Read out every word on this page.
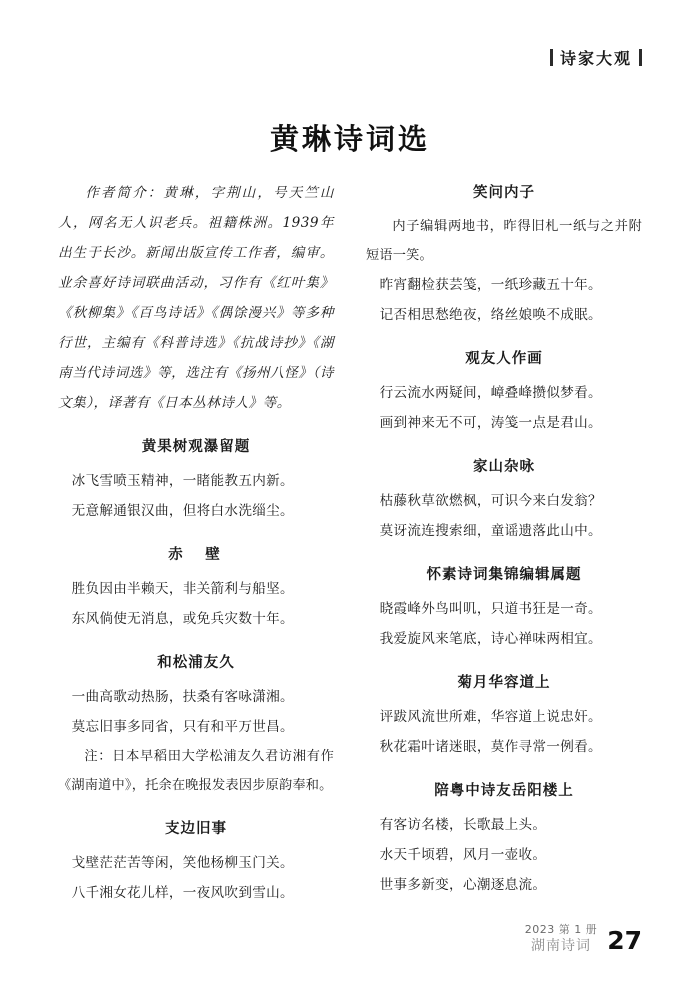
诗家大观
黄琳诗词选
作者简介：黄琳，字荆山，号天竺山人，网名无人识老兵。祖籍株洲。1939年出生于长沙。新闻出版宣传工作者，编审。业余喜好诗词联曲活动，习作有《红叶集》《秋柳集》《百鸟诗话》《偶馀漫兴》等多种行世，主编有《科普诗选》《抗战诗抄》《湖南当代诗词选》等，选注有《扬州八怪》（诗文集），译著有《日本丛林诗人》等。
黄果树观瀑留题
冰飞雪喷玉精神，一睹能教五内新。
无意解通银汉曲，但将白水洗缁尘。
赤　壁
胜负因由半赖天，非关箭利与船坚。
东风倘使无消息，或免兵灾数十年。
和松浦友久
一曲高歌动热肠，扶桑有客咏潇湘。
莫忘旧事多同省，只有和平万世昌。
注：日本早稻田大学松浦友久君访湘有作《湖南道中》，托余在晚报发表因步原韵奉和。
支边旧事
戈壁茫茫苦等闲，笑他杨柳玉门关。
八千湘女花儿样，一夜风吹到雪山。
笑问内子
内子编辑两地书，昨得旧札一纸与之并附短语一笑。
昨宵翻检获芸笺，一纸珍藏五十年。
记否相思愁绝夜，络丝娘唤不成眠。
观友人作画
行云流水两疑间，嶂叠峰攒似梦看。
画到神来无不可，涛笺一点是君山。
家山杂咏
枯藤秋草欲燃枫，可识今来白发翁？
莫讶流连搜索细，童谣遗落此山中。
怀素诗词集锦编辑属题
晓霞峰外鸟叫叽，只道书狂是一奇。
我爱旋风来笔底，诗心禅味两相宜。
菊月华容道上
评跋风流世所难，华容道上说忠奸。
秋花霜叶诸迷眼，莫作寻常一例看。
陪粤中诗友岳阳楼上
有客访名楼，长歌最上头。
水天千顷碧，风月一壶收。
世事多新变，心潮逐息流。
2023 第 1 册
湖南诗词 27
